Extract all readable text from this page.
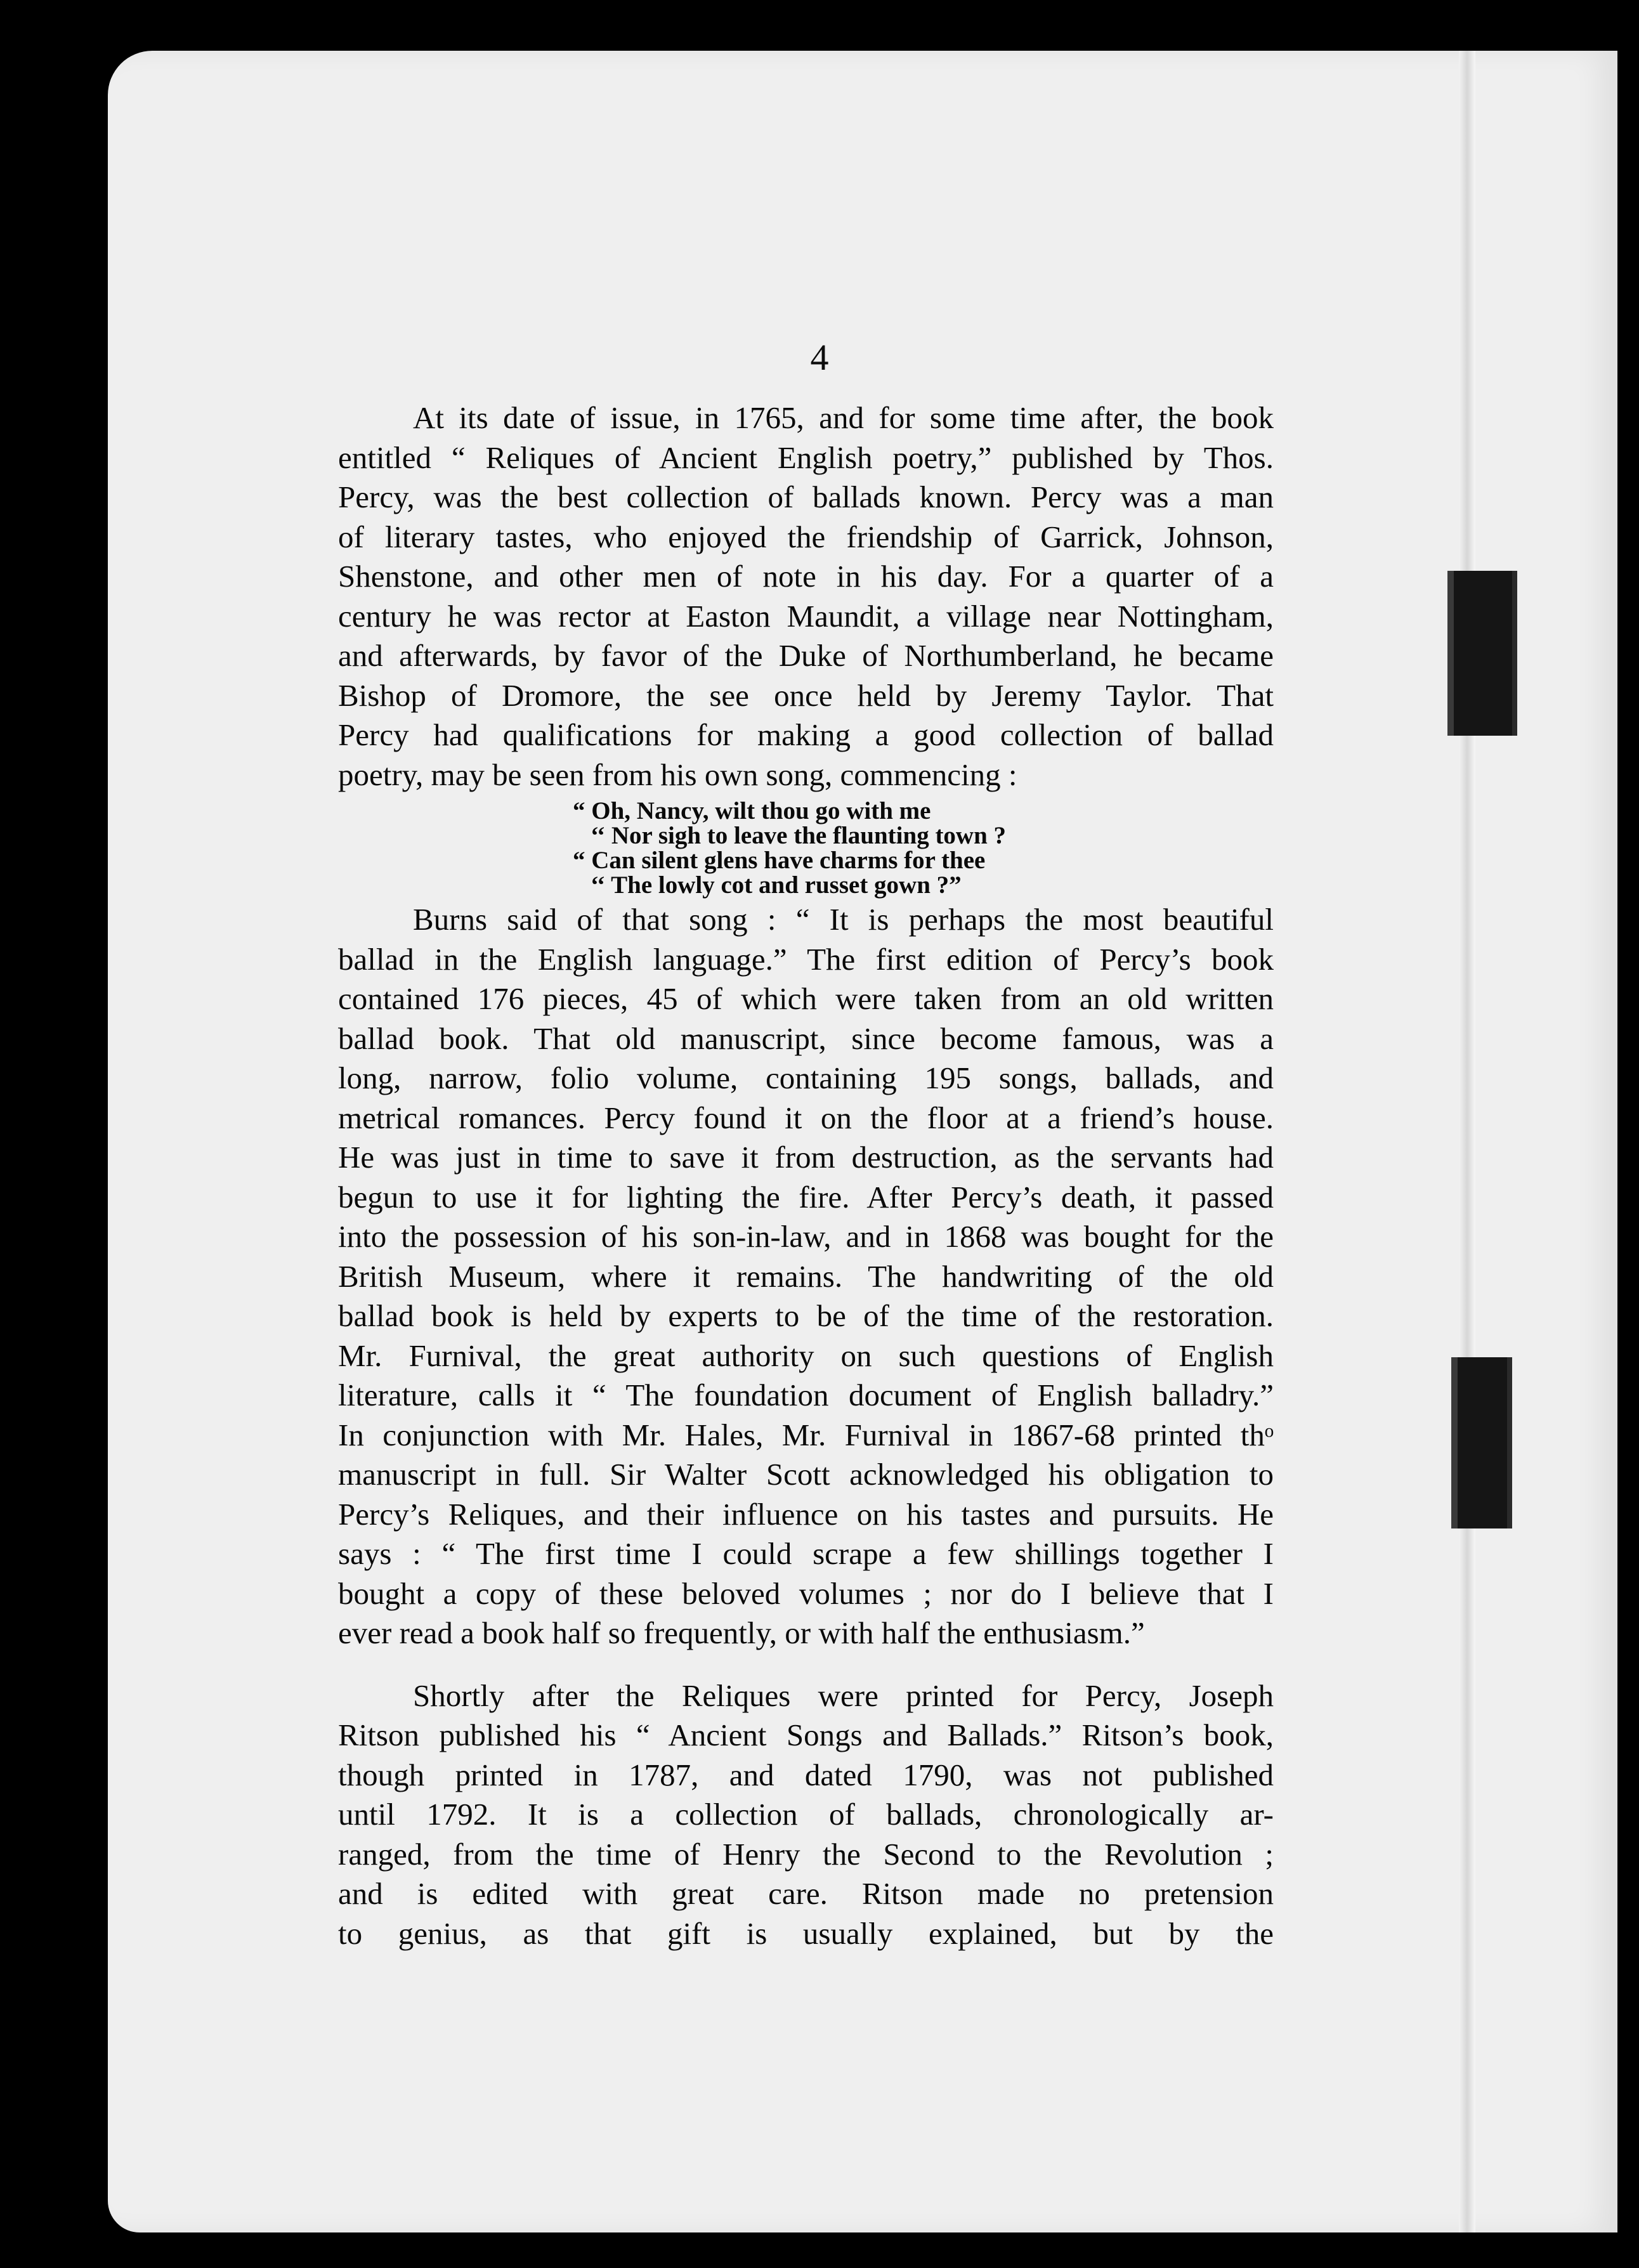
4
At its date of issue, in 1765, and for some time after, the book
entitled “ Reliques of Ancient English poetry,” published by Thos.
Percy, was the best collection of ballads known. Percy was a man
of literary tastes, who enjoyed the friendship of Garrick, Johnson,
Shenstone, and other men of note in his day. For a quarter of a
century he was rector at Easton Maundit, a village near Nottingham,
and afterwards, by favor of the Duke of Northumberland, he became
Bishop of Dromore, the see once held by Jeremy Taylor. That
Percy had qualifications for making a good collection of ballad
poetry, may be seen from his own song, commencing :
“ Oh, Nancy, wilt thou go with me
‘‘ Nor sigh to leave the flaunting town ?
“ Can silent glens have charms for thee
‘‘ The lowly cot and russet gown ?”
Burns said of that song : “ It is perhaps the most beautiful
ballad in the English language.” The first edition of Percy’s book
contained 176 pieces, 45 of which were taken from an old written
ballad book. That old manuscript, since become famous, was a
long, narrow, folio volume, containing 195 songs, ballads, and
metrical romances. Percy found it on the floor at a friend’s house.
He was just in time to save it from destruction, as the servants had
begun to use it for lighting the fire. After Percy’s death, it passed
into the possession of his son-in-law, and in 1868 was bought for the
British Museum, where it remains. The handwriting of the old
ballad book is held by experts to be of the time of the restoration.
Mr. Furnival, the great authority on such questions of English
literature, calls it “ The foundation document of English balladry.”
In conjunction with Mr. Hales, Mr. Furnival in 1867-68 printed thᵒ
manuscript in full. Sir Walter Scott acknowledged his obligation to
Percy’s Reliques, and their influence on his tastes and pursuits. He
says : “ The first time I could scrape a few shillings together I
bought a copy of these beloved volumes ; nor do I believe that I
ever read a book half so frequently, or with half the enthusiasm.”
Shortly after the Reliques were printed for Percy, Joseph
Ritson published his “ Ancient Songs and Ballads.” Ritson’s book,
though printed in 1787, and dated 1790, was not published
until 1792. It is a collection of ballads, chronologically ar-
ranged, from the time of Henry the Second to the Revolution ;
and is edited with great care. Ritson made no pretension
to genius, as that gift is usually explained, but by the
